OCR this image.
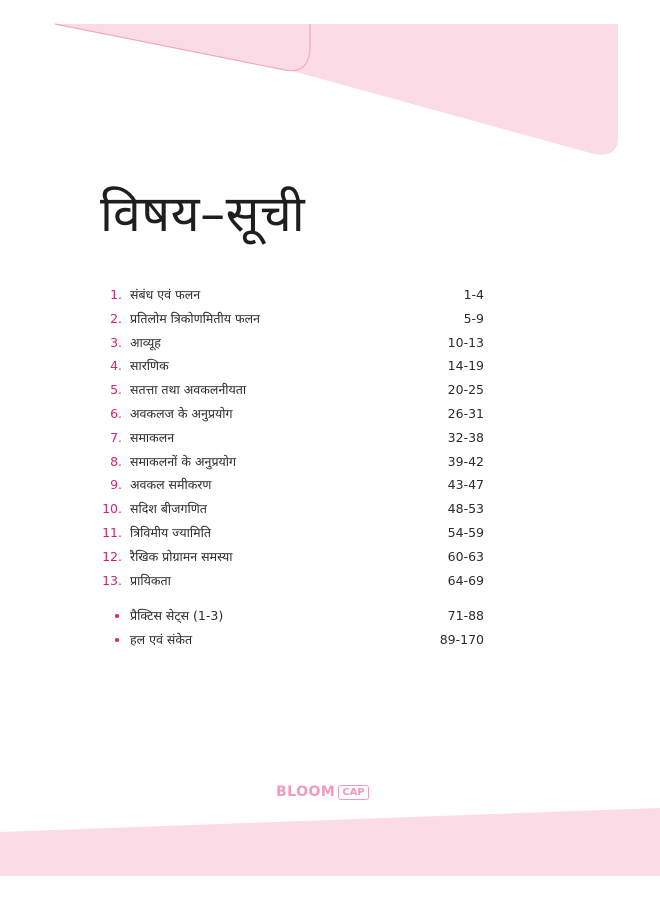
विषय–सूची
1. संबंध एवं फलन	1-4
2. प्रतिलोम त्रिकोणमितीय फलन	5-9
3. आव्यूह	10-13
4. सारणिक	14-19
5. सतत्ता तथा अवकलनीयता	20-25
6. अवकलज के अनुप्रयोग	26-31
7. समाकलन	32-38
8. समाकलनों के अनुप्रयोग	39-42
9. अवकल समीकरण	43-47
10. सदिश बीजगणित	48-53
11. त्रिविमीय ज्यामिति	54-59
12. रैखिक प्रोग्रामन समस्या	60-63
13. प्रायिकता	64-69
प्रैक्टिस सेट्स (1-3)	71-88
हल एवं संकेत	89-170
BLOOM CAP
